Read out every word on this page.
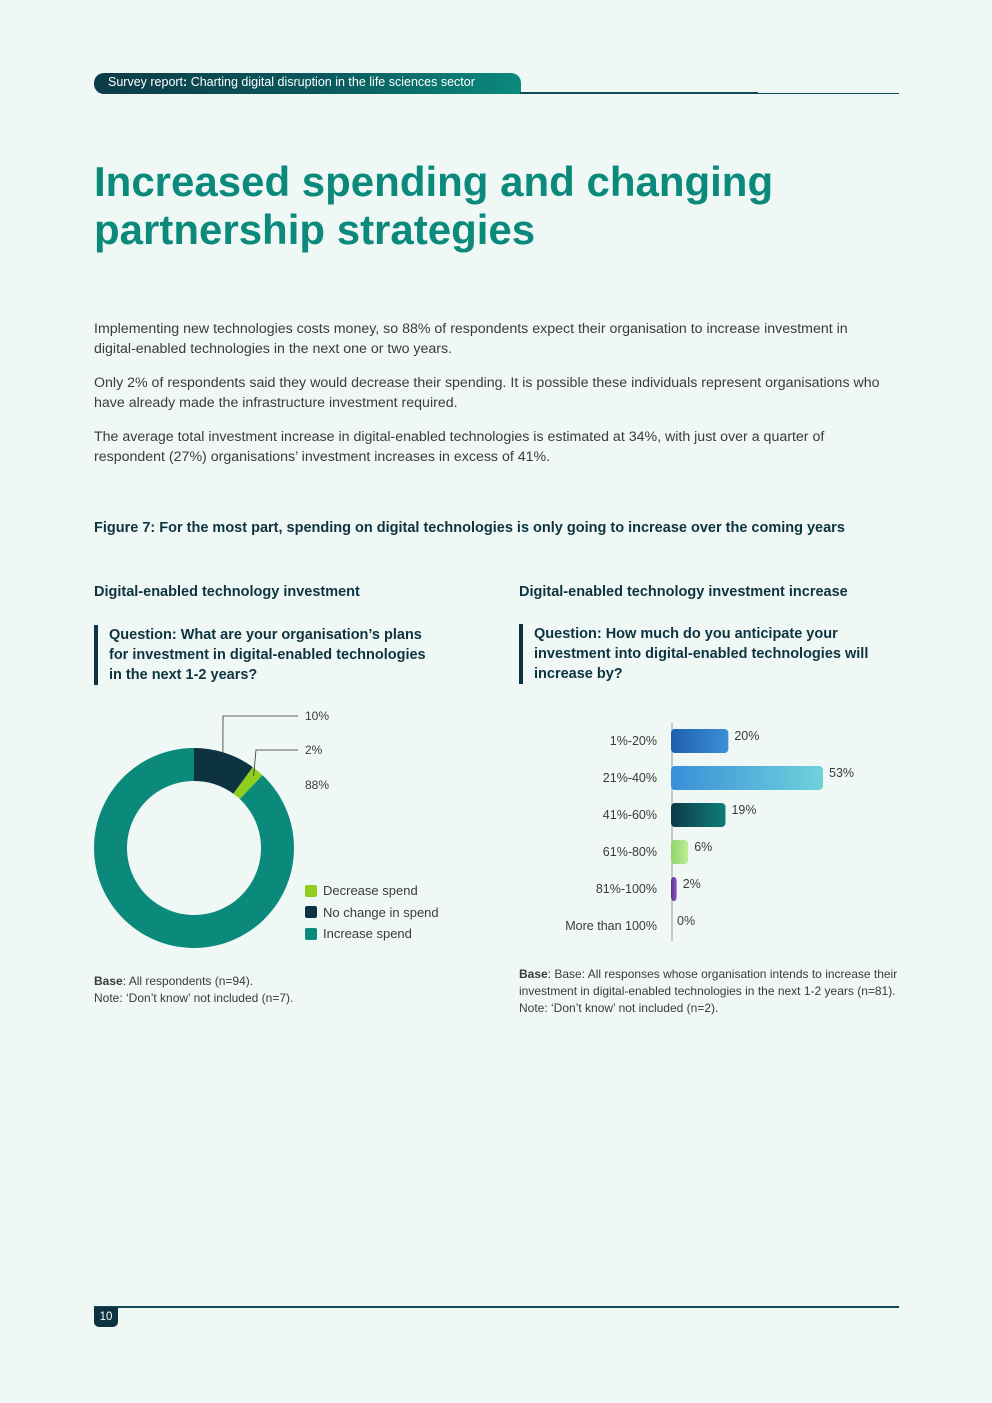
Survey report: Charting digital disruption in the life sciences sector
Increased spending and changing partnership strategies

Implementing new technologies costs money, so 88% of respondents expect their organisation to increase investment in digital-enabled technologies in the next one or two years.

Only 2% of respondents said they would decrease their spending. It is possible these individuals represent organisations who have already made the infrastructure investment required.

The average total investment increase in digital-enabled technologies is estimated at 34%, with just over a quarter of respondent (27%) organisations’ investment increases in excess of 41%.

Figure 7: For the most part, spending on digital technologies is only going to increase over the coming years

Digital-enabled technology investment

Question: What are your organisation’s plans for investment in digital-enabled technologies in the next 1-2 years?

Digital-enabled technology investment increase

Question: How much do you anticipate your investment into digital-enabled technologies will increase by?
10%
2%
88%
Decrease spend
No change in spend
Increase spend
1%-20%	20%
21%-40%	53%
41%-60%	19%
61%-80%	6%
81%-100% 2%
More than 100% 0%
Base: All respondents (n=94).
Note: ‘Don’t know’ not included (n=7).
Base: Base: All responses whose organisation intends to increase their investment in digital-enabled technologies in the next 1-2 years (n=81). Note: ‘Don’t know’ not included (n=2).
10
